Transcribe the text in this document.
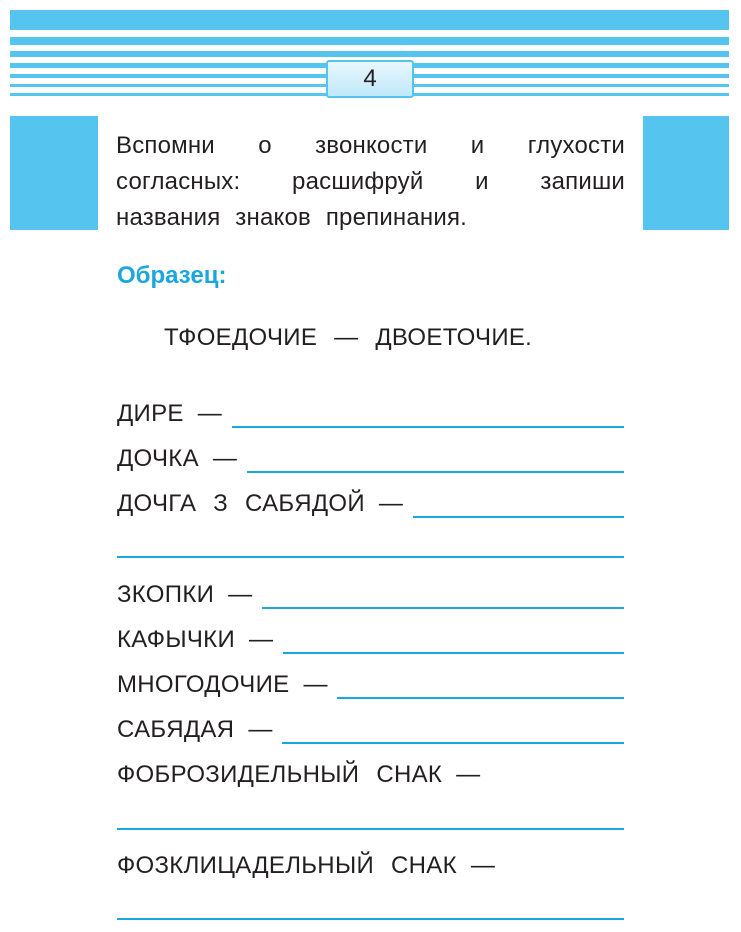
4
Вспомни о звонкости и глухости
согласных: расшифруй и запиши
названия знаков препинания.
Образец:
ТФОЕДОЧИЕ — ДВОЕТОЧИЕ.
ДИРЕ —
ДОЧКА —
ДОЧГА З САБЯДОЙ —
ЗКОПКИ —
КАФЫЧКИ —
МНОГОДОЧИЕ —
САБЯДАЯ —
ФОБРОЗИДЕЛЬНЫЙ СНАК —
ФОЗКЛИЦАДЕЛЬНЫЙ СНАК —
